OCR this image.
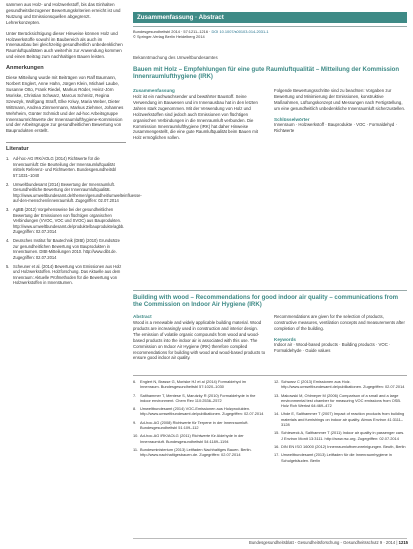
sammen aus Holz- und Holzwerkstoff, bis das Einhalten gesundheitsbezogener Bewertungskriterien erreicht ist und Nutzung und Emissionsquellen abgegrenzt. Lehrerkonzepten.

Unter Berücksichtigung dieser Hinweise können Holz und Holzwerkstoffe sowohl im Baubereich als auch im Innenausbau bei gleichzeitig gesundheitlich unbedenklichen Raumluftqualitäten auch weiterhin zur Anwendung kommen und einen Beitrag zum nachhaltigen Bauen leisten.

Anmerkungen

Diese Mitteilung wurde mit Beiträgen von Ralf Baumann, Norbert Englert, Anne Hahn, Jürgen Klein, Michael Laube, Susanne Otto, Frank Riedel, Markus Röder, Heinz-Jörn Moriske, Christian Schwarz, Marcus Schmitz, Regina Szewzyk, Wolfgang Straff, Elke Kriwy, Maria Weber, Dieter Wittmann, Andrea Zimmermann, Markus Ziehmer, Johannes Wehrheim, Günter Schmidt und der ad-hoc Arbeitsgruppe Innenraumrichtwerte der Innenraumlufthygiene-Kommission und der Arbeitsgruppe zur gesundheitlichen Bewertung von Bauprodukten erstellt.

Literatur
1. Ad-hoc-AG IRK/AOLG (2014) Richtwerte für die Innenraumluft: Die Beurteilung der Innenraumluftqualität mittels Referenz- und Richtwerten. Bundesgesundheitsbl 57:1031–1040
2. Umweltbundesamt (2014) Bewertung der Innenraumluft. Gesundheitliche Bewertung der Innenraumluftqualität. http://www.umweltbundesamt.de/themen/gesundheit/umwelteinfluesse-auf-den-menschen/innenraumluft. Zugegriffen: 02.07.2014
3. AgBB (2012) Vorgehensweise bei der gesundheitlichen Bewertung der Emissionen von flüchtigen organischen Verbindungen (VVOC, VOC und SVOC) aus Bauprodukten. http://www.umweltbundesamt.de/produkte/bauprodukte/agbb. Zugegriffen: 02.07.2014
4. Deutsches Institut für Bautechnik (DIBt) (2010) Grundsätze zur gesundheitlichen Bewertung von Bauprodukten in Innenräumen. DIBt-Mitteilungen 2010. http://www.dibt.de. Zugegriffen: 02.07.2014
5. Scheuner et al. (2014) Bewertung von Emissionen aus Holz und Holzwerkstoffen. Holzforschung. Das Aktuelle aus dem Innenraum: Aktuelle Prüfmethoden für die Bewertung von Holzwerkstoffen in Innenräumen.
Zusammenfassung · Abstract
Bundesgesundheitsbl 2014 · 57:1211–1216 · DOI 10.1007/s00103-014-2031-1
© Springer-Verlag Berlin Heidelberg 2014
Bekanntmachung des Umweltbundesamtes
Bauen mit Holz – Empfehlungen für eine gute Raumluftqualität – Mitteilung der Kommission Innenraumlufthygiene (IRK)
Zusammenfassung

Holz ist ein nachwachsender und bewährter Baustoff. Seine Verwendung im Bauwesen und im Innenausbau hat in den letzten Jahren stark zugenommen. Mit der Verwendung von Holz und Holzwerkstoffen sind jedoch auch Emissionen von flüchtigen organischen Verbindungen in die Innenraumluft verbunden. Die Kommission Innenraumlufthygiene (IRK) hat daher Hinweise zusammengestellt, die eine gute Raumluftqualität beim Bauen mit Holz ermöglichen sollen.

Folgende Bewertungsschritte sind zu beachten: Vorgaben zur Bewertung und Minimierung der Emissionen, konstruktive Maßnahmen, Lüftungskonzept und Messungen nach Fertigstellung, um eine gesundheitlich unbedenkliche Innenraumluft sicherzustellen.

Schlüsselwörter

Innenraum · Holzwerkstoff · Bauprodukte · VOC · Formaldehyd · Richtwerte

Building with wood – Recommendations for good indoor air quality – communications from the Commission on Indoor Air Hygiene (IRK)
Abstract

Wood is a renewable and widely applicable building material. Wood products are increasingly used in construction and interior design. The emission of volatile organic compounds from wood and wood-based products into the indoor air is associated with this use. The Commission on Indoor Air Hygiene (IRK) therefore compiled recommendations for building with wood and wood-based products to ensure good indoor air quality.

Recommendations are given for the selection of products, constructive measures, ventilation concepts and measurements after completion of the building.

Keywords

Indoor air · Wood-based products · Building products · VOC · Formaldehyde · Guide values

6. Englert N, Brasse G, Moriske HJ et al (2014) Formaldehyd im Innenraum. Bundesgesundheitsbl 57:1020–1030
7. Salthammer T, Mentese S, Marutzky R (2010) Formaldehyde in the indoor environment. Chem Rev 110:2536–2572
8. Umweltbundesamt (2014) VOC-Emissionen aus Holzprodukten. http://www.umweltbundesamt.de/publikationen. Zugegriffen: 02.07.2014
9. Ad-hoc-AG (2008) Richtwerte für Terpene in der Innenraumluft. Bundesgesundheitsbl 51:109–112
10. Ad-hoc-AG IRK/AOLG (2011) Richtwerte für Aldehyde in der Innenraumluft. Bundesgesundheitsbl 54:1189–1194
11. Bundesministerium (2013) Leitfaden Nachhaltiges Bauen. Berlin. http://www.nachhaltigesbauen.de. Zugegriffen: 02.07.2014
12. Schwarz C (2013) Emissionen aus Holz. http://www.umweltbundesamt.de/publikationen. Zugegriffen: 02.07.2014
13. Makowski M, Ohlmeyer M (2006) Comparison of a small and a large environmental test chamber for measuring VOC emissions from OSB. Holz Roh Werkst 64:469–472
14. Uhde E, Salthammer T (2007) Impact of reaction products from building materials and furnishings on indoor air quality. Atmos Environ 41:3111–3128
15. Schieweck A, Salthammer T (2011) Indoor air quality in passenger cars. J Environ Monit 13:3111. http://www.rsc.org. Zugegriffen: 02.07.2014
16. DIN EN ISO 16000 (2012) Innenraumluftverunreinigungen. Beuth, Berlin
17. Umweltbundesamt (2013) Leitfaden für die Innenraumhygiene in Schulgebäuden. Berlin
Bundesgesundheitsblatt - Gesundheitsforschung - Gesundheitsschutz 9 · 2014 | 1215
